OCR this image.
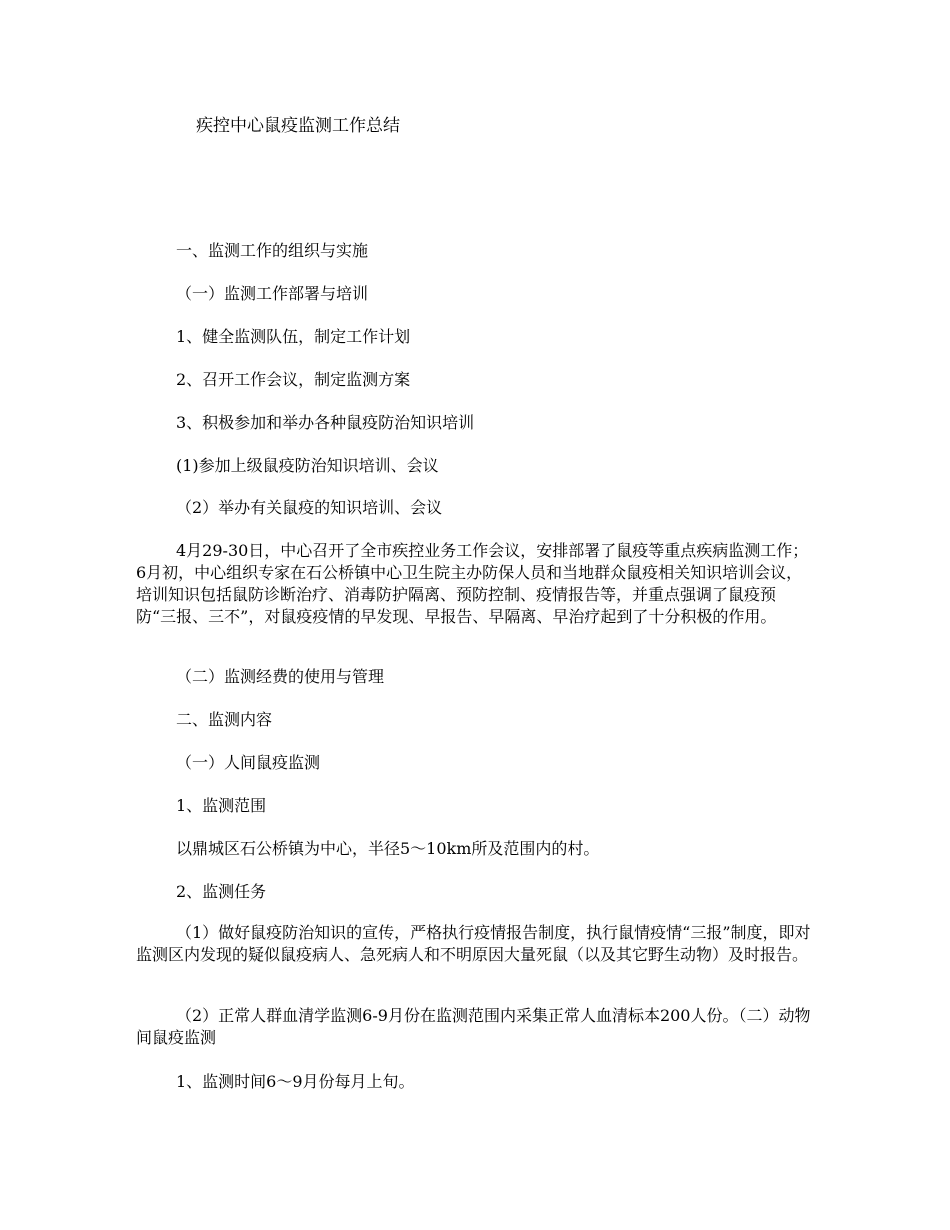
疾控中心鼠疫监测工作总结

一、监测工作的组织与实施

（一）监测工作部署与培训

1、健全监测队伍，制定工作计划

2、召开工作会议，制定监测方案

3、积极参加和举办各种鼠疫防治知识培训

(1)参加上级鼠疫防治知识培训、会议

（2）举办有关鼠疫的知识培训、会议

4月29-30日，中心召开了全市疾控业务工作会议，安排部署了鼠疫等重点疾病监测工作；6月初，中心组织专家在石公桥镇中心卫生院主办防保人员和当地群众鼠疫相关知识培训会议，培训知识包括鼠防诊断治疗、消毒防护隔离、预防控制、疫情报告等，并重点强调了鼠疫预防“三报、三不”，对鼠疫疫情的早发现、早报告、早隔离、早治疗起到了十分积极的作用。

（二）监测经费的使用与管理

二、监测内容

（一）人间鼠疫监测

1、监测范围

以鼎城区石公桥镇为中心，半径5～10km所及范围内的村。

2、监测任务

（1）做好鼠疫防治知识的宣传，严格执行疫情报告制度，执行鼠情疫情“三报”制度，即对监测区内发现的疑似鼠疫病人、急死病人和不明原因大量死鼠（以及其它野生动物）及时报告。

（2）正常人群血清学监测6-9月份在监测范围内采集正常人血清标本200人份。（二）动物间鼠疫监测

1、监测时间6～9月份每月上旬。
